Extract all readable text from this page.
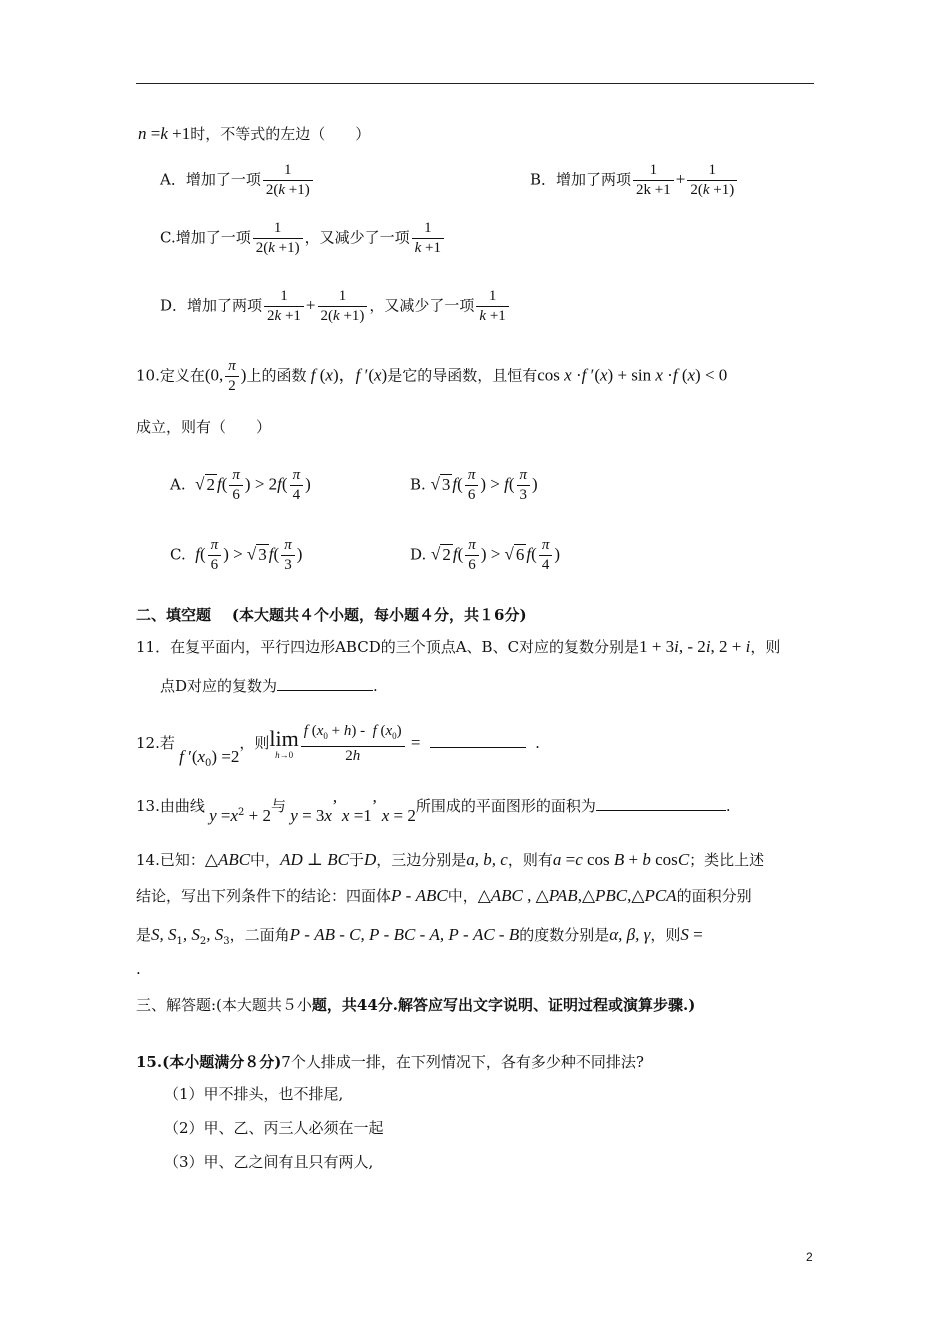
n =k +1时，不等式的左边（　　）
A．增加了一项 $\frac{1}{2(k +1)}$	B．增加了两项 $\frac{1}{2k +1} + \frac{1}{2(k +1)}$
C.增加了一项 $\frac{1}{2(k +1)}$ ，又减少了一项 $\frac{1}{k +1}$
D．增加了两项 $\frac{1}{2k +1} + \frac{1}{2(k +1)}$ ，又减少了一项 $\frac{1}{k +1}$
10.定义在(0, $\frac{\pi}{2}$ )上的函数 f (x)，f ′(x)是它的导函数，且恒有cos x ·f ′(x) + sin x ·f (x) < 0
成立，则有（　　）
A. √ 2 $f( \frac{\pi}{6}$ ) > $2f( \frac{\pi}{4}$ )	B. √ 3 $f( \frac{\pi}{6}$ ) > $f( \frac{\pi}{3}$ )
C. $f( \frac{\pi}{6}$ ) > √ 3 $f( \frac{\pi}{3}$ )	D. √ 2 $f( \frac{\pi}{6}$ ) > √ 6 $f( \frac{\pi}{4}$ )
二、填空题 (本大题共４个小题，每小题４分，共１6分)
11．在复平面内，平行四边形ABCD的三个顶点A、B、C对应的复数分别是1 + 3i, - 2i, 2 + i，则
点D对应的复数为	.
12.若 f $'(x_0) =2$，则 lim
$h\to 0 \frac{f (x_0 + h) - f (x_0)}{2h}$ =	.
13.由曲线 $y =x^2 + 2$与 y = 3x’ x =1’ x = 2所围成的平面图形的面积为	.
14.已知：△ABC中，AD ⊥ BC于D，三边分别是a, b, c，则有a =c cos B + b cosC；类比上述
结论，写出下列条件下的结论：四面体P - ABC中，△ABC , △PAB,△PBC,△PCA的面积分别
是S, $S_1$, $S_2$, $S_3$，二面角P - AB - C, P - BC - A, P - AC - B的度数分别是α, β, γ，则S =
.
三、解答题:(本大题共５小题，共44分.解答应写出文字说明、证明过程或演算步骤.)
15.(本小题满分８分)7个人排成一排，在下列情况下，各有多少种不同排法?
（1）甲不排头，也不排尾,
（2）甲、乙、丙三人必须在一起
（3）甲、乙之间有且只有两人,
2
